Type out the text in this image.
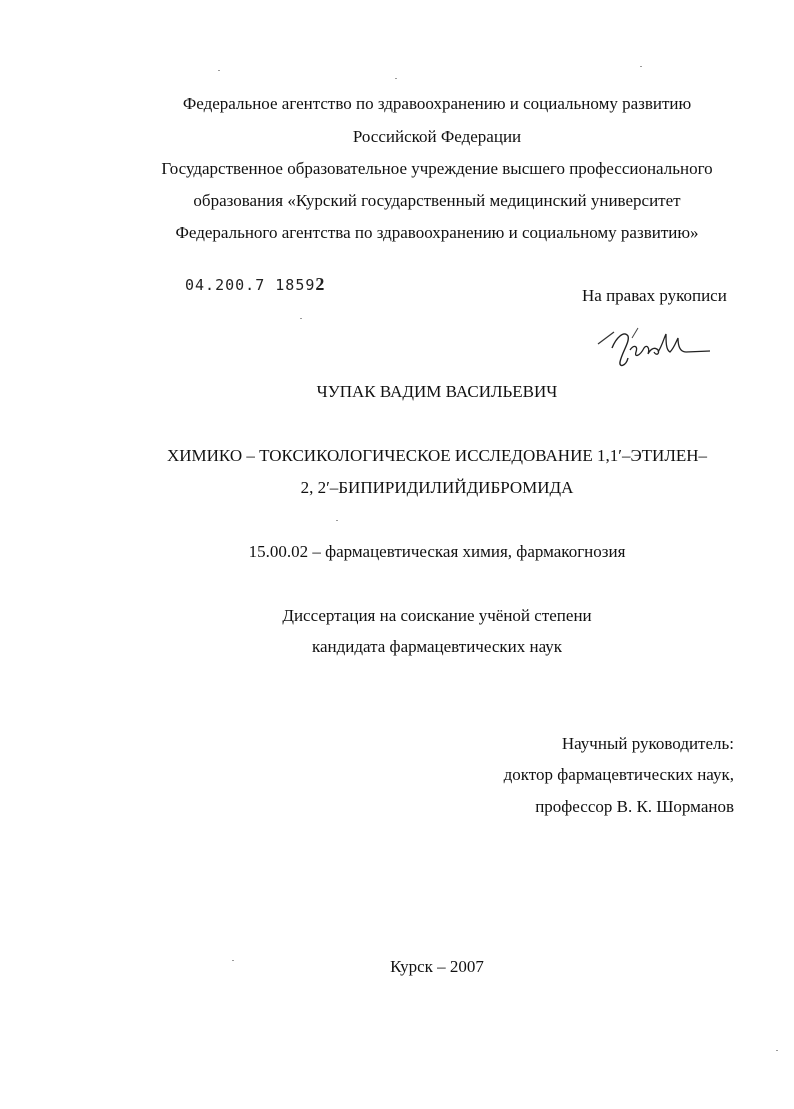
Федеральное агентство по здравоохранению и социальному развитию
Российской Федерации
Государственное образовательное учреждение высшего профессионального
образования «Курский государственный медицинский университет
Федерального агентства по здравоохранению и социальному развитию»
04.200.7 18592
На правах рукописи
ЧУПАК ВАДИМ ВАСИЛЬЕВИЧ
ХИМИКО – ТОКСИКОЛОГИЧЕСКОЕ ИССЛЕДОВАНИЕ 1,1′–ЭТИЛЕН–
2, 2′–БИПИРИДИЛИЙДИБРОМИДА
15.00.02 – фармацевтическая химия, фармакогнозия
Диссертация на соискание учёной степени
кандидата фармацевтических наук
Научный руководитель:
доктор фармацевтических наук,
профессор В. К. Шорманов
Курск – 2007
